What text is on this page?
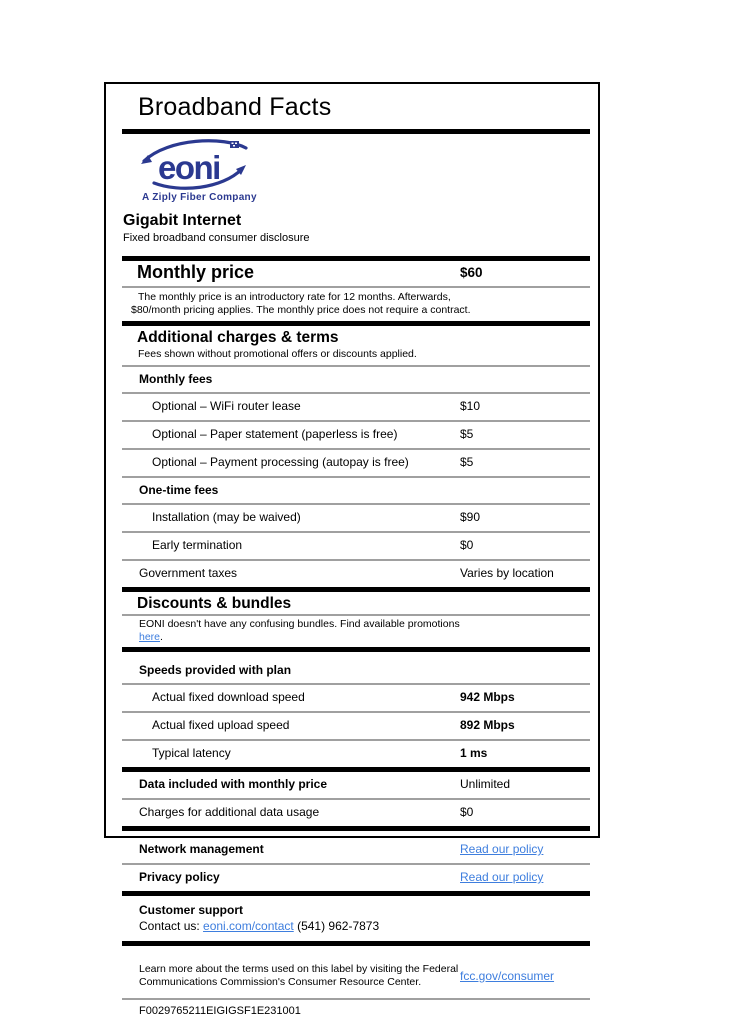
Broadband Facts
eoni
A Ziply Fiber Company
Gigabit Internet
Fixed broadband consumer disclosure
Monthly price	$60
The monthly price is an introductory rate for 12 months. Afterwards,
$80/month pricing applies. The monthly price does not require a contract.
Additional charges & terms
Fees shown without promotional offers or discounts applied.
Monthly fees
Optional – WiFi router lease	$10
Optional – Paper statement (paperless is free)	$5
Optional – Payment processing (autopay is free)	$5
One-time fees
Installation (may be waived)	$90
Early termination	$0
Government taxes	Varies by location
Discounts & bundles
EONI doesn't have any confusing bundles. Find available promotions
here.
Speeds provided with plan
Actual fixed download speed	942 Mbps
Actual fixed upload speed	892 Mbps
Typical latency	1 ms
Data included with monthly price	Unlimited
Charges for additional data usage	$0
Network management	Read our policy
Privacy policy	Read our policy
Customer support
Contact us: eoni.com/contact (541) 962-7873
Learn more about the terms used on this label by visiting the Federal
Communications Commission's Consumer Resource Center.	fcc.gov/consumer
F0029765211EIGIGSF1E231001
